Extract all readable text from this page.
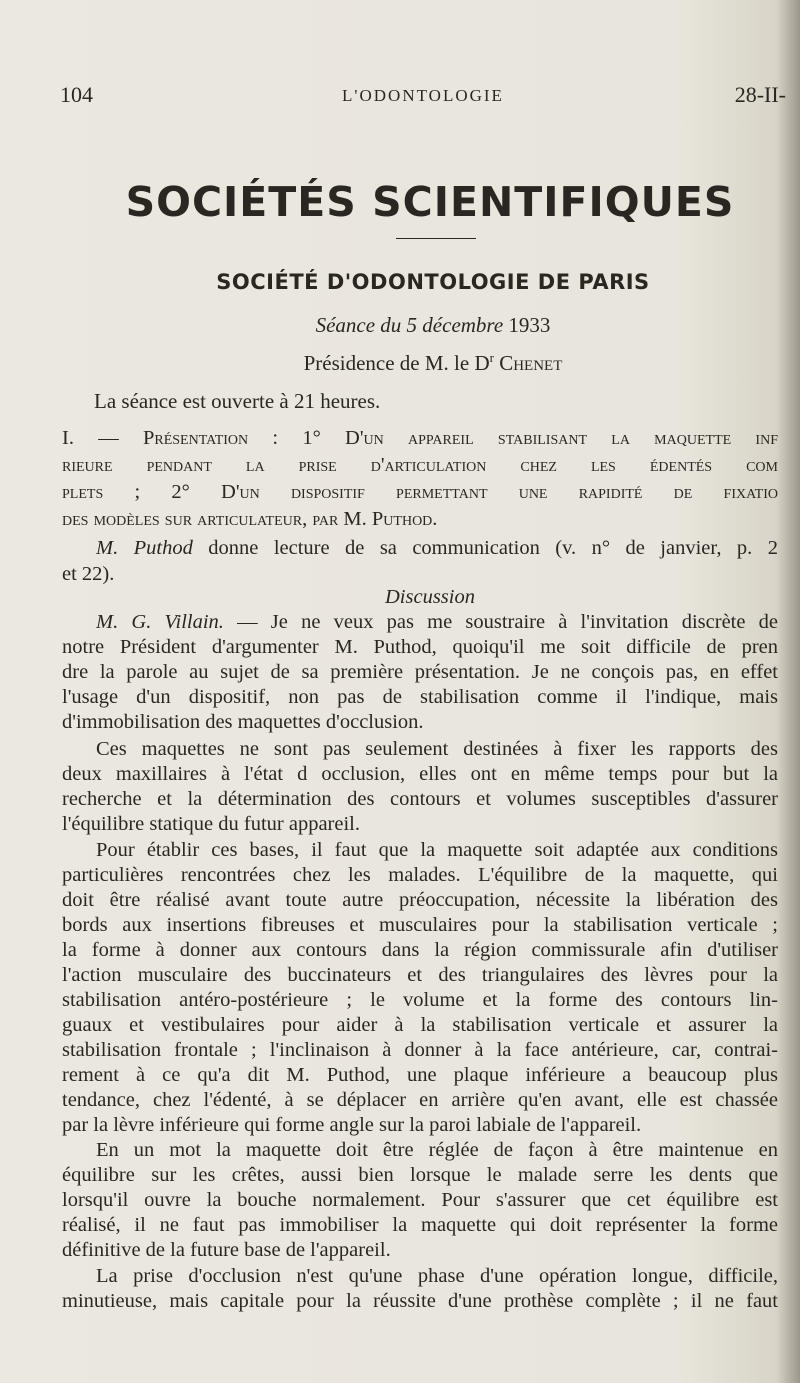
104	L'ODONTOLOGIE	28-II-
SOCIÉTÉS SCIENTIFIQUES
SOCIÉTÉ D'ODONTOLOGIE DE PARIS
Séance du 5 décembre 1933
Présidence de M. le $D^r$ Chenet
La séance est ouverte à 21 heures.
I. — Présentation : 1° D'un appareil stabilisant la maquette inf
rieure pendant la prise d'articulation chez les édentés com
plets ; 2° D'un dispositif permettant une rapidité de fixatio
des modèles sur articulateur, par M. Puthod.
M. Puthod donne lecture de sa communication (v. n° de janvier, p. 2
et 22).
Discussion
M. G. Villain. — Je ne veux pas me soustraire à l'invitation discrète de
notre Président d'argumenter M. Puthod, quoiqu'il me soit difficile de pren
dre la parole au sujet de sa première présentation. Je ne conçois pas, en effet
l'usage d'un dispositif, non pas de stabilisation comme il l'indique, mais
d'immobilisation des maquettes d'occlusion.
Ces maquettes ne sont pas seulement destinées à fixer les rapports des
deux maxillaires à l'état d occlusion, elles ont en même temps pour but la
recherche et la détermination des contours et volumes susceptibles d'assurer
l'équilibre statique du futur appareil.
Pour établir ces bases, il faut que la maquette soit adaptée aux conditions
particulières rencontrées chez les malades. L'équilibre de la maquette, qui
doit être réalisé avant toute autre préoccupation, nécessite la libération des
bords aux insertions fibreuses et musculaires pour la stabilisation verticale ;
la forme à donner aux contours dans la région commissurale afin d'utiliser
l'action musculaire des buccinateurs et des triangulaires des lèvres pour la
stabilisation antéro-postérieure ; le volume et la forme des contours lin-
guaux et vestibulaires pour aider à la stabilisation verticale et assurer la
stabilisation frontale ; l'inclinaison à donner à la face antérieure, car, contrai-
rement à ce qu'a dit M. Puthod, une plaque inférieure a beaucoup plus
tendance, chez l'édenté, à se déplacer en arrière qu'en avant, elle est chassée
par la lèvre inférieure qui forme angle sur la paroi labiale de l'appareil.
En un mot la maquette doit être réglée de façon à être maintenue en
équilibre sur les crêtes, aussi bien lorsque le malade serre les dents que
lorsqu'il ouvre la bouche normalement. Pour s'assurer que cet équilibre est
réalisé, il ne faut pas immobiliser la maquette qui doit représenter la forme
définitive de la future base de l'appareil.
La prise d'occlusion n'est qu'une phase d'une opération longue, difficile,
minutieuse, mais capitale pour la réussite d'une prothèse complète ; il ne faut
